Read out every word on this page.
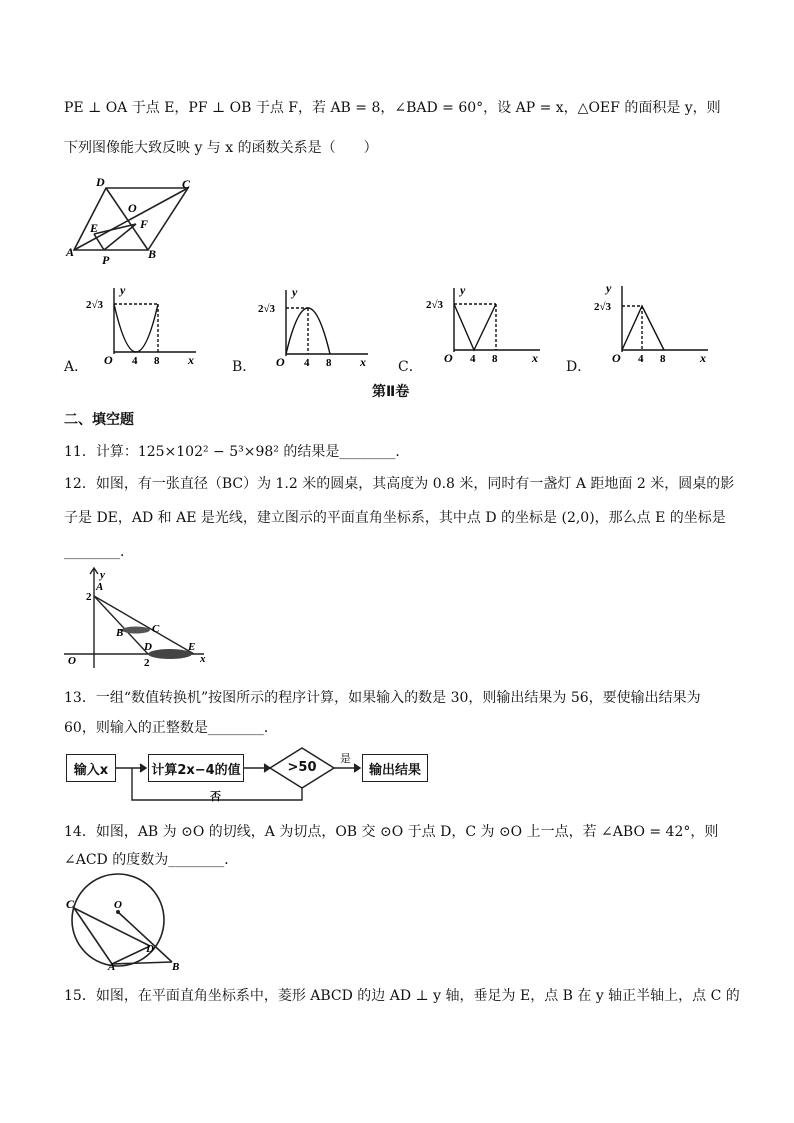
PE ⊥ OA 于点 E，PF ⊥ OB 于点 F，若 AB = 8，∠BAD = 60°，设 AP = x，△OEF 的面积是 y，则
下列图像能大致反映 y 与 x 的函数关系是（　　）
D	C
O
F
E
A
P	B
A．
y
2√3
O 4 8 x	B．
y
2√3
O 4 8 x C．
y
2√3
O 4 8	x
D．
y
2√3
O 4 8	x
第Ⅱ卷
二、填空题
11．计算：125×102² − 5³×98² 的结果是________．
12．如图，有一张直径（BC）为 1.2 米的圆桌，其高度为 0.8 米，同时有一盏灯 A 距地面 2 米，圆桌的影
子是 DE，AD 和 AE 是光线，建立图示的平面直角坐标系，其中点 D 的坐标是 (2,0)，那么点 E 的坐标是
________．
y
x
O
A
2
B	C
D	E
2
13．一组“数值转换机”按图所示的程序计算，如果输入的数是 30，则输出结果为 56，要使输出结果为
60，则输入的正整数是________．
输入x	计算2x−4的值	>50
是
输出结果
否
14．如图，AB 为 ⊙O 的切线，A 为切点，OB 交 ⊙O 于点 D，C 为 ⊙O 上一点，若 ∠ABO = 42°，则
∠ACD 的度数为________．
C	O
D
A	B
15．如图，在平面直角坐标系中，菱形 ABCD 的边 AD ⊥ y 轴，垂足为 E，点 B 在 y 轴正半轴上，点 C 的
